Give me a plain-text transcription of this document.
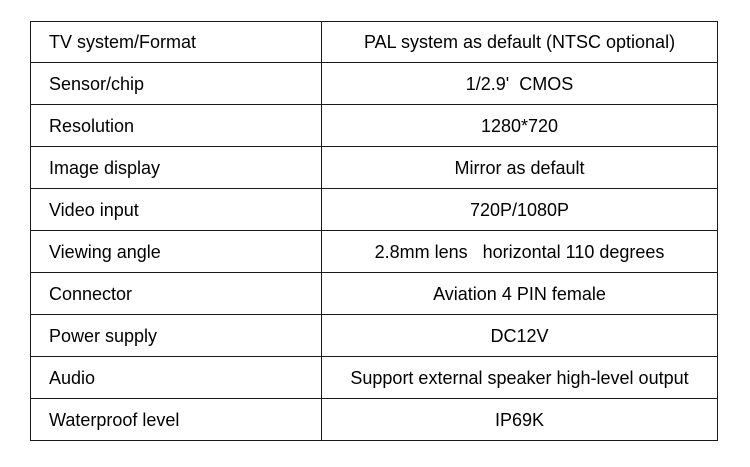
TV system/Format	PAL system as default (NTSC optional)
Sensor/chip	1/2.9'  CMOS
Resolution	1280*720
Image display	Mirror as default
Video input	720P/1080P
Viewing angle	2.8mm lens   horizontal 110 degrees
Connector	Aviation 4 PIN female
Power supply	DC12V
Audio	Support external speaker high-level output
Waterproof level	IP69K
